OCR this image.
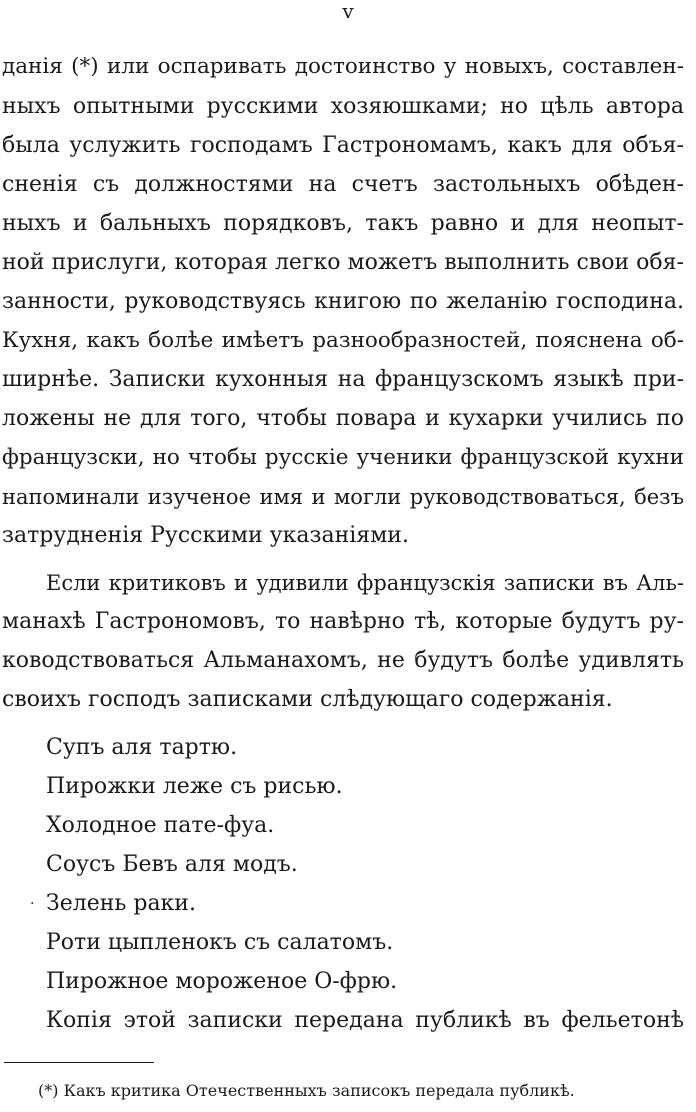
v
данія (*) или оспаривать достоинство у новыхъ, составлен-
ныхъ опытными русскими хозяюшками; но цѣль автора
была услужить господамъ Гастрономамъ, какъ для объя-
сненія съ должностями на счетъ застольныхъ обѣден-
ныхъ и бальныхъ порядковъ, такъ равно и для неопыт-
ной прислуги, которая легко можетъ выполнить свои обя-
занности, руководствуясь книгою по желанію господина.
Кухня, какъ болѣе имѣетъ разнообразностей, пояснена об-
ширнѣе. Записки кухонныя на французскомъ языкѣ при-
ложены не для того, чтобы повара и кухарки учились по
французски, но чтобы русскіе ученики французской кухни
напоминали изученое имя и могли руководствоваться, безъ
затрудненія Русскими указаніями.
Если критиковъ и удивили французскія записки въ Аль-
манахѣ Гастрономовъ, то навѣрно тѣ, которые будутъ ру-
ководствоваться Альманахомъ, не будутъ болѣе удивлять
своихъ господъ записками слѣдующаго содержанія.
Супъ аля тартю.
Пирожки леже съ рисью.
Холодное пате-фуа.
Соусъ Бевъ аля модъ.
· Зелень раки.
Роти цыпленокъ съ салатомъ.
Пирожное мороженое О-фрю.
Копія этой записки передана публикѣ въ фельетонѣ
(*) Какъ критика Отечественныхъ записокъ передала публикѣ.
